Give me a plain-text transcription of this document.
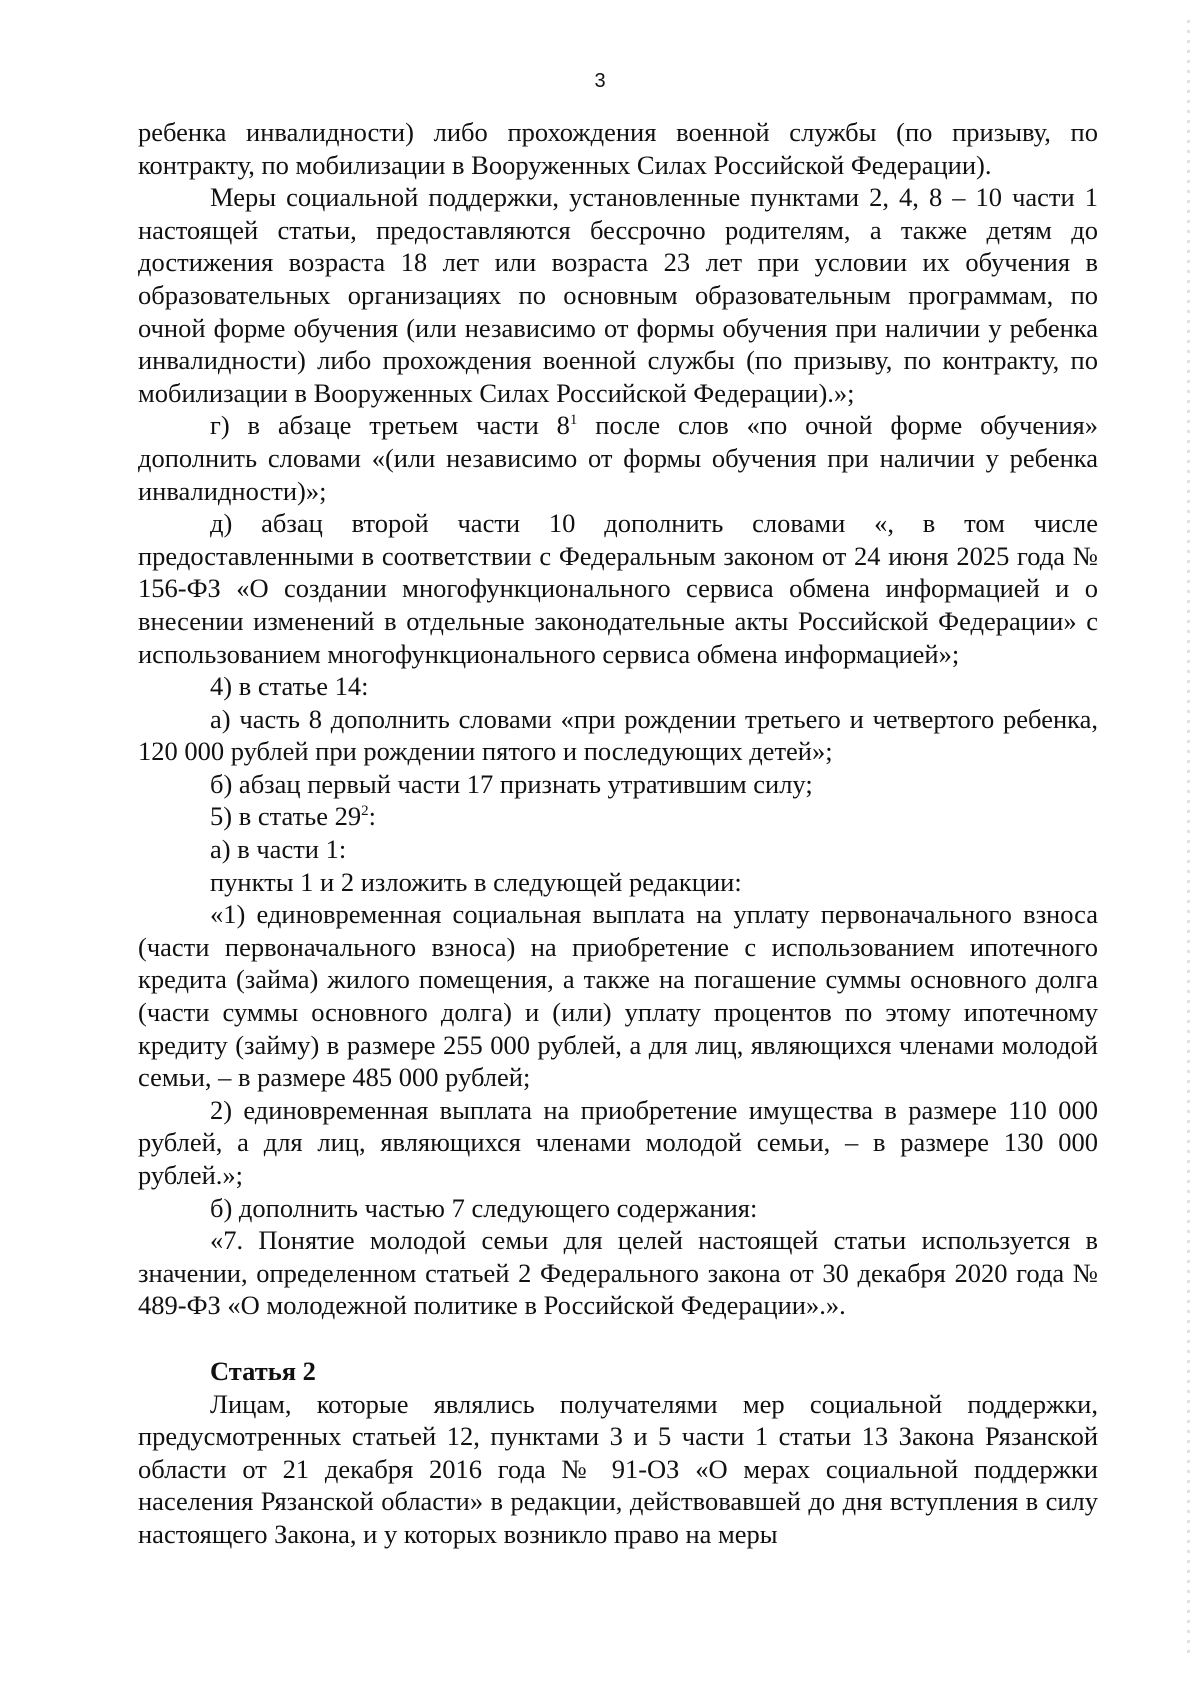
3

ребенка инвалидности) либо прохождения военной службы (по призыву, по контракту, по мобилизации в Вооруженных Силах Российской Федерации).

Меры социальной поддержки, установленные пунктами 2, 4, 8 – 10 части 1 настоящей статьи, предоставляются бессрочно родителям, а также детям до достижения возраста 18 лет или возраста 23 лет при условии их обучения в образовательных организациях по основным образовательным программам, по очной форме обучения (или независимо от формы обучения при наличии у ребенка инвалидности) либо прохождения военной службы (по призыву, по контракту, по мобилизации в Вооруженных Силах Российской Федерации).»;

г) в абзаце третьем части $8^1$ после слов «по очной форме обучения» дополнить словами «(или независимо от формы обучения при наличии у ребенка инвалидности)»;

д) абзац второй части 10 дополнить словами «, в том числе предоставленными в соответствии с Федеральным законом от 24 июня 2025 года № 156-ФЗ «О создании многофункционального сервиса обмена информацией и о внесении изменений в отдельные законодательные акты Российской Федерации» с использованием многофункционального сервиса обмена информацией»;

4) в статье 14:

а) часть 8 дополнить словами «при рождении третьего и четвертого ребенка, 120 000 рублей при рождении пятого и последующих детей»;

б) абзац первый части 17 признать утратившим силу;

5) в статье $29^2$:

а) в части 1:

пункты 1 и 2 изложить в следующей редакции:

«1) единовременная социальная выплата на уплату первоначального взноса (части первоначального взноса) на приобретение с использованием ипотечного кредита (займа) жилого помещения, а также на погашение суммы основного долга (части суммы основного долга) и (или) уплату процентов по этому ипотечному кредиту (займу) в размере 255 000 рублей, а для лиц, являющихся членами молодой семьи, – в размере 485 000 рублей;

2) единовременная выплата на приобретение имущества в размере 110 000 рублей, а для лиц, являющихся членами молодой семьи, – в размере 130 000 рублей.»;

б) дополнить частью 7 следующего содержания:

«7. Понятие молодой семьи для целей настоящей статьи используется в значении, определенном статьей 2 Федерального закона от 30 декабря 2020 года № 489-ФЗ «О молодежной политике в Российской Федерации».».

Статья 2

Лицам, которые являлись получателями мер социальной поддержки, предусмотренных статьей 12, пунктами 3 и 5 части 1 статьи 13 Закона Рязанской области от 21 декабря 2016 года № 91-ОЗ «О мерах социальной поддержки населения Рязанской области» в редакции, действовавшей до дня вступления в силу настоящего Закона, и у которых возникло право на меры
